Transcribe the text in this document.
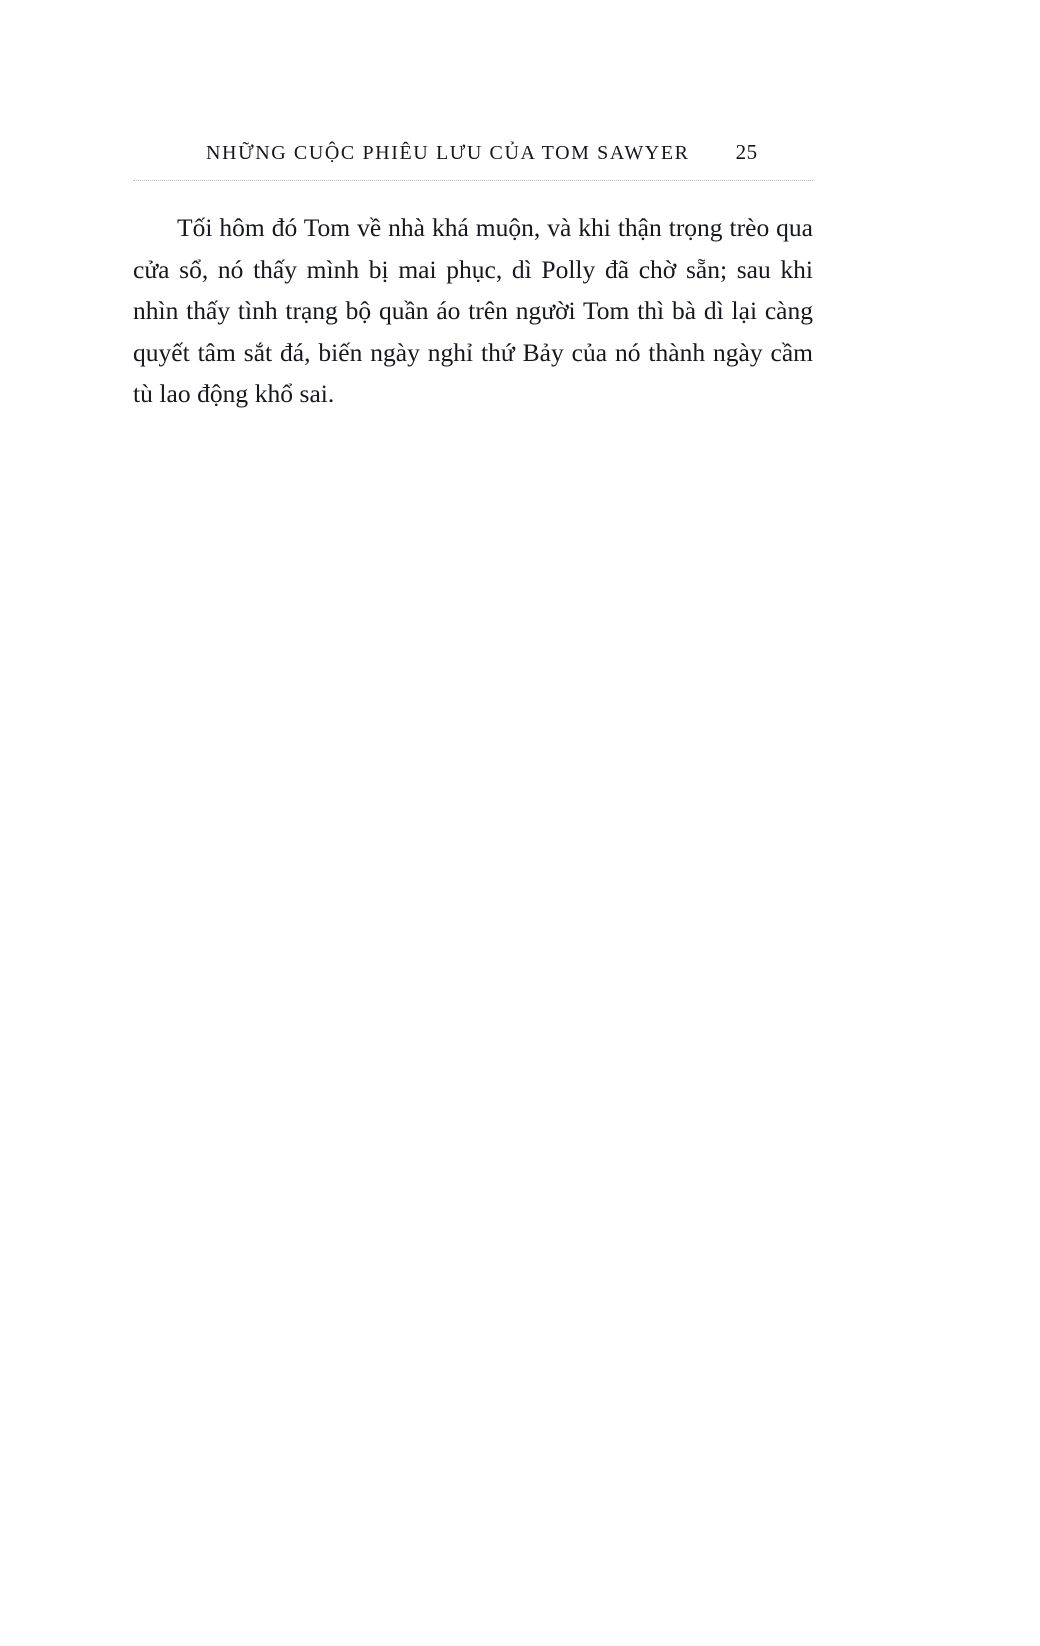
NHỮNG CUỘC PHIÊU LƯU CỦA TOM SAWYER 25

Tối hôm đó Tom về nhà khá muộn, và khi thận trọng trèo qua cửa sổ, nó thấy mình bị mai phục, dì Polly đã chờ sẵn; sau khi nhìn thấy tình trạng bộ quần áo trên người Tom thì bà dì lại càng quyết tâm sắt đá, biến ngày nghỉ thứ Bảy của nó thành ngày cầm tù lao động khổ sai.
